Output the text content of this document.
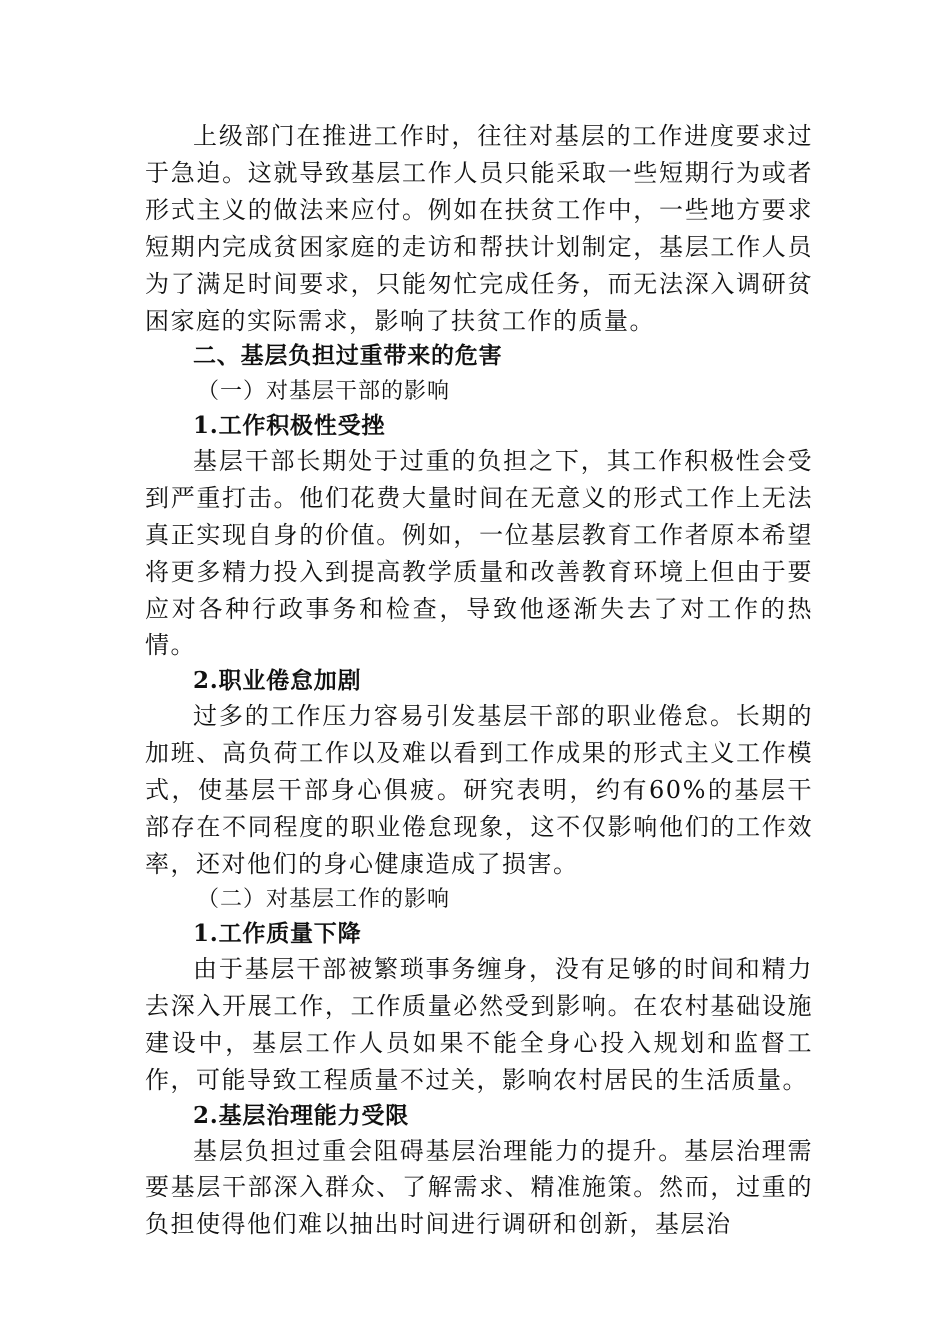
上级部门在推进工作时，往往对基层的工作进度要求过于急迫。这就导致基层工作人员只能采取一些短期行为或者形式主义的做法来应付。例如在扶贫工作中，一些地方要求短期内完成贫困家庭的走访和帮扶计划制定，基层工作人员为了满足时间要求，只能匆忙完成任务，而无法深入调研贫困家庭的实际需求，影响了扶贫工作的质量。

二、基层负担过重带来的危害

（一）对基层干部的影响

1.工作积极性受挫

基层干部长期处于过重的负担之下，其工作积极性会受到严重打击。他们花费大量时间在无意义的形式工作上无法真正实现自身的价值。例如，一位基层教育工作者原本希望将更多精力投入到提高教学质量和改善教育环境上但由于要应对各种行政事务和检查，导致他逐渐失去了对工作的热情。

2.职业倦怠加剧

过多的工作压力容易引发基层干部的职业倦怠。长期的加班、高负荷工作以及难以看到工作成果的形式主义工作模式，使基层干部身心俱疲。研究表明，约有60%的基层干部存在不同程度的职业倦怠现象，这不仅影响他们的工作效率，还对他们的身心健康造成了损害。

（二）对基层工作的影响

1.工作质量下降

由于基层干部被繁琐事务缠身，没有足够的时间和精力去深入开展工作，工作质量必然受到影响。在农村基础设施建设中，基层工作人员如果不能全身心投入规划和监督工作，可能导致工程质量不过关，影响农村居民的生活质量。

2.基层治理能力受限

基层负担过重会阻碍基层治理能力的提升。基层治理需要基层干部深入群众、了解需求、精准施策。然而，过重的负担使得他们难以抽出时间进行调研和创新，基层治
